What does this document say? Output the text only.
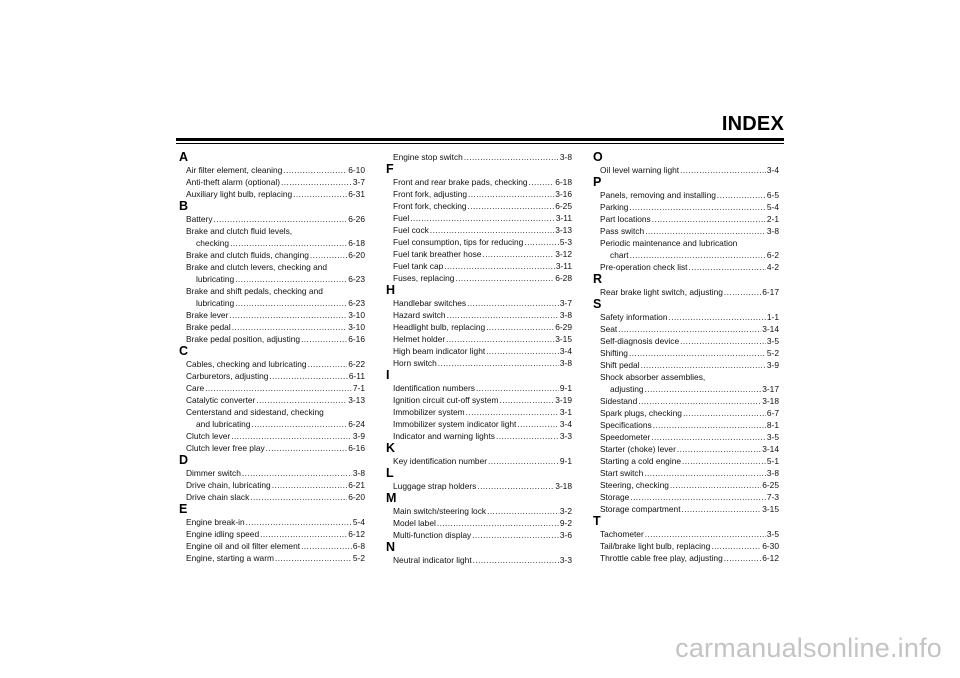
INDEX
A
Air filter element, cleaning .....	6-10
Anti-theft alarm (optional) .....	3-7
Auxiliary light bulb, replacing .....	6-31
B
Battery .....	6-26
Brake and clutch fluid levels,
checking .....	6-18
Brake and clutch fluids, changing .....	6-20
Brake and clutch levers, checking and
lubricating .....	6-23
Brake and shift pedals, checking and
lubricating .....	6-23
Brake lever .....	3-10
Brake pedal .....	3-10
Brake pedal position, adjusting .....	6-16
C
Cables, checking and lubricating .....	6-22
Carburetors, adjusting .....	6-11
Care .....	7-1
Catalytic converter .....	3-13
Centerstand and sidestand, checking
and lubricating .....	6-24
Clutch lever .....	3-9
Clutch lever free play .....	6-16
D
Dimmer switch .....	3-8
Drive chain, lubricating .....	6-21
Drive chain slack .....	6-20
E
Engine break-in .....	5-4
Engine idling speed .....	6-12
Engine oil and oil filter element .....	6-8
Engine, starting a warm .....	5-2
Engine stop switch .....	3-8
F
Front and rear brake pads, checking .....	6-18
Front fork, adjusting .....	3-16
Front fork, checking .....	6-25
Fuel .....	3-11
Fuel cock .....	3-13
Fuel consumption, tips for reducing .....	5-3
Fuel tank breather hose .....	3-12
Fuel tank cap .....	3-11
Fuses, replacing .....	6-28
H
Handlebar switches .....	3-7
Hazard switch .....	3-8
Headlight bulb, replacing .....	6-29
Helmet holder .....	3-15
High beam indicator light .....	3-4
Horn switch .....	3-8
I
Identification numbers .....	9-1
Ignition circuit cut-off system .....	3-19
Immobilizer system .....	3-1
Immobilizer system indicator light .....	3-4
Indicator and warning lights .....	3-3
K
Key identification number .....	9-1
L
Luggage strap holders .....	3-18
M
Main switch/steering lock .....	3-2
Model label .....	9-2
Multi-function display .....	3-6
N
Neutral indicator light .....	3-3
O
Oil level warning light .....	3-4
P
Panels, removing and installing .....	6-5
Parking .....	5-4
Part locations .....	2-1
Pass switch .....	3-8
Periodic maintenance and lubrication
chart .....	6-2
Pre-operation check list .....	4-2
R
Rear brake light switch, adjusting .....	6-17
S
Safety information .....	1-1
Seat .....	3-14
Self-diagnosis device .....	3-5
Shifting .....	5-2
Shift pedal .....	3-9
Shock absorber assemblies,
adjusting .....	3-17
Sidestand .....	3-18
Spark plugs, checking .....	6-7
Specifications .....	8-1
Speedometer .....	3-5
Starter (choke) lever .....	3-14
Starting a cold engine .....	5-1
Start switch .....	3-8
Steering, checking .....	6-25
Storage .....	7-3
Storage compartment .....	3-15
T
Tachometer .....	3-5
Tail/brake light bulb, replacing .....	6-30
Throttle cable free play, adjusting .....	6-12
carmanualsonline.info
